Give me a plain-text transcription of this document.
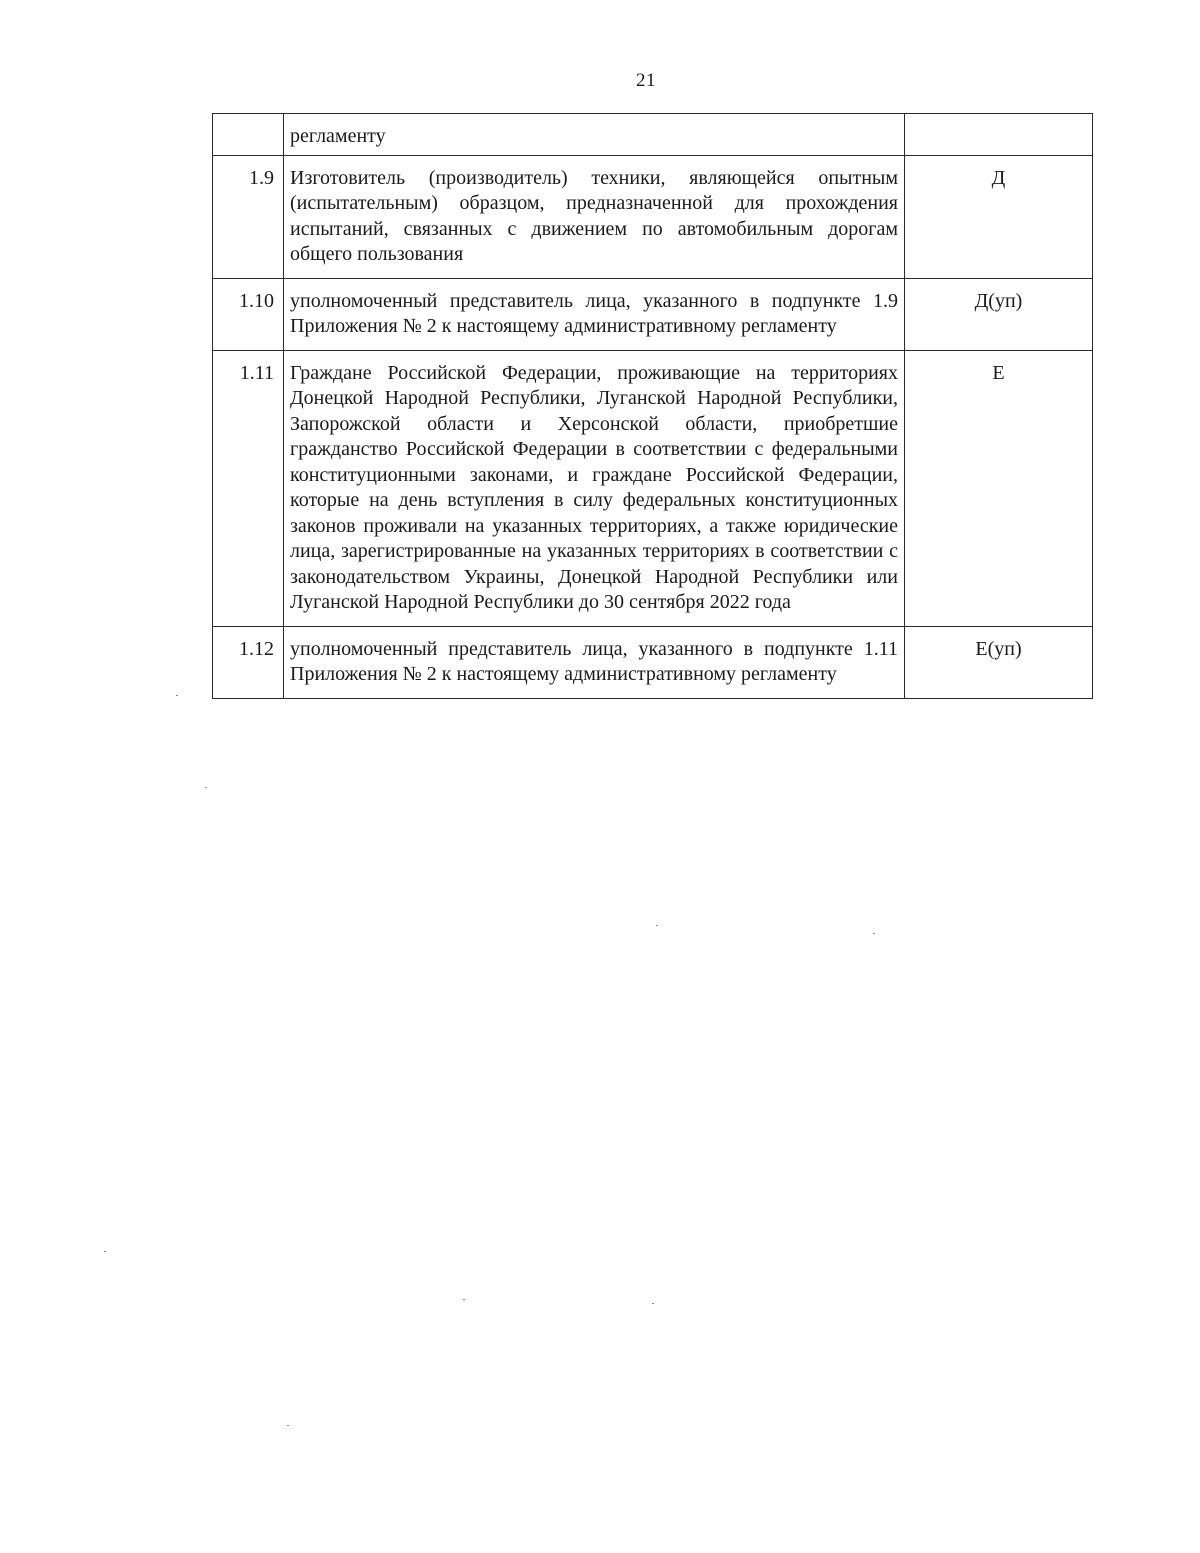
21
	регламенту	
1.9	Изготовитель (производитель) техники, являющейся опытным (испытательным) образцом, предназначенной для прохождения испытаний, связанных с движением по автомобильным дорогам общего пользования	Д
1.10	уполномоченный представитель лица, указанного в подпункте 1.9 Приложения № 2 к настоящему административному регламенту	Д(уп)
1.11	Граждане Российской Федерации, проживающие на территориях Донецкой Народной Республики, Луганской Народной Республики, Запорожской области и Херсонской области, приобретшие гражданство Российской Федерации в соответствии с федеральными конституционными законами, и граждане Российской Федерации, которые на день вступления в силу федеральных конституционных законов проживали на указанных территориях, а также юридические лица, зарегистрированные на указанных территориях в соответствии с законодательством Украины, Донецкой Народной Республики или Луганской Народной Республики до 30 сентября 2022 года	Е
1.12	уполномоченный представитель лица, указанного в подпункте 1.11 Приложения № 2 к настоящему административному регламенту	Е(уп)
